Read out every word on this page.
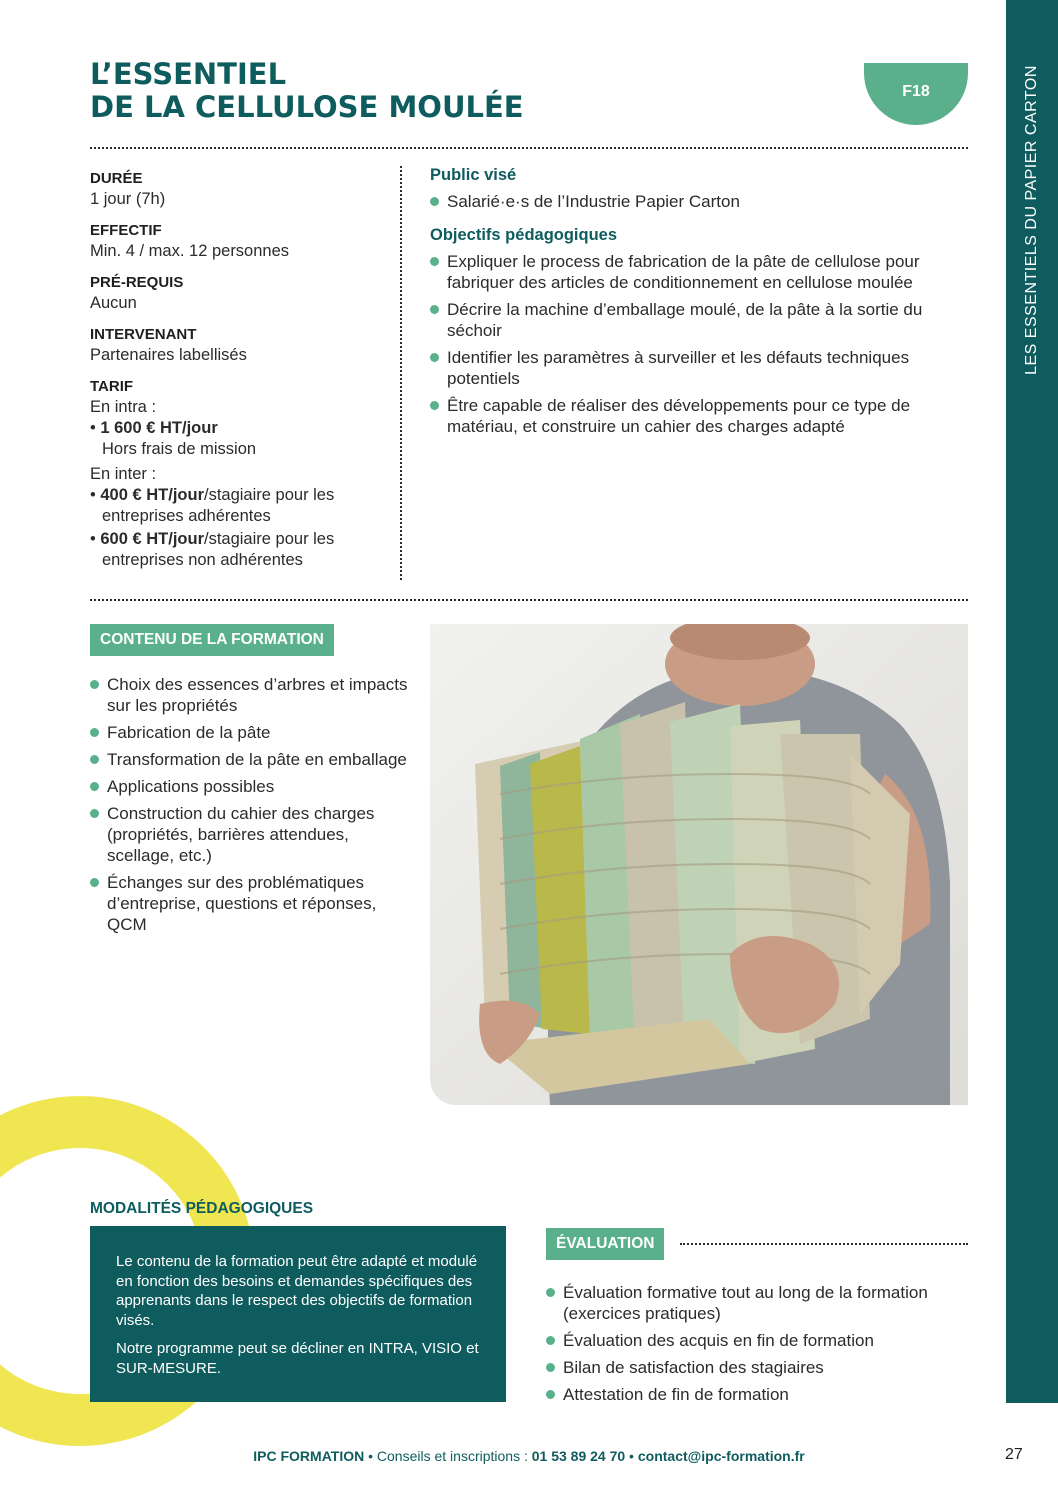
LES ESSENTIELS DU PAPIER CARTON
L’ESSENTIEL
DE LA CELLULOSE MOULÉE	F18
DURÉE
1 jour (7h)
EFFECTIF
Min. 4 / max. 12 personnes
PRÉ-REQUIS
Aucun
INTERVENANT
Partenaires labellisés
TARIF
En intra :
• 1 600 € HT/jour
Hors frais de mission
En inter :
• 400 € HT/jour/stagiaire pour les entreprises adhérentes
• 600 € HT/jour/stagiaire pour les entreprises non adhérentes
Public visé
Salarié·e·s de l’Industrie Papier Carton
Objectifs pédagogiques
Expliquer le process de fabrication de la pâte de cellulose pour fabriquer des articles de conditionnement en cellulose moulée
Décrire la machine d’emballage moulé, de la pâte à la sortie du séchoir
Identifier les paramètres à surveiller et les défauts techniques potentiels
Être capable de réaliser des développements pour ce type de matériau, et construire un cahier des charges adapté
CONTENU DE LA FORMATION
Choix des essences d’arbres et impacts sur les propriétés
Fabrication de la pâte
Transformation de la pâte en emballage
Applications possibles
Construction du cahier des charges (propriétés, barrières attendues, scellage, etc.)
Échanges sur des problématiques d’entreprise, questions et réponses, QCM
MODALITÉS PÉDAGOGIQUES

Le contenu de la formation peut être adapté et modulé en fonction des besoins et demandes spécifiques des apprenants dans le respect des objectifs de formation visés.

Notre programme peut se décliner en INTRA, VISIO et SUR-MESURE.

ÉVALUATION
Évaluation formative tout au long de la formation (exercices pratiques)
Évaluation des acquis en fin de formation
Bilan de satisfaction des stagiaires
Attestation de fin de formation
IPC FORMATION • Conseils et inscriptions : 01 53 89 24 70 • contact@ipc-formation.fr	27
